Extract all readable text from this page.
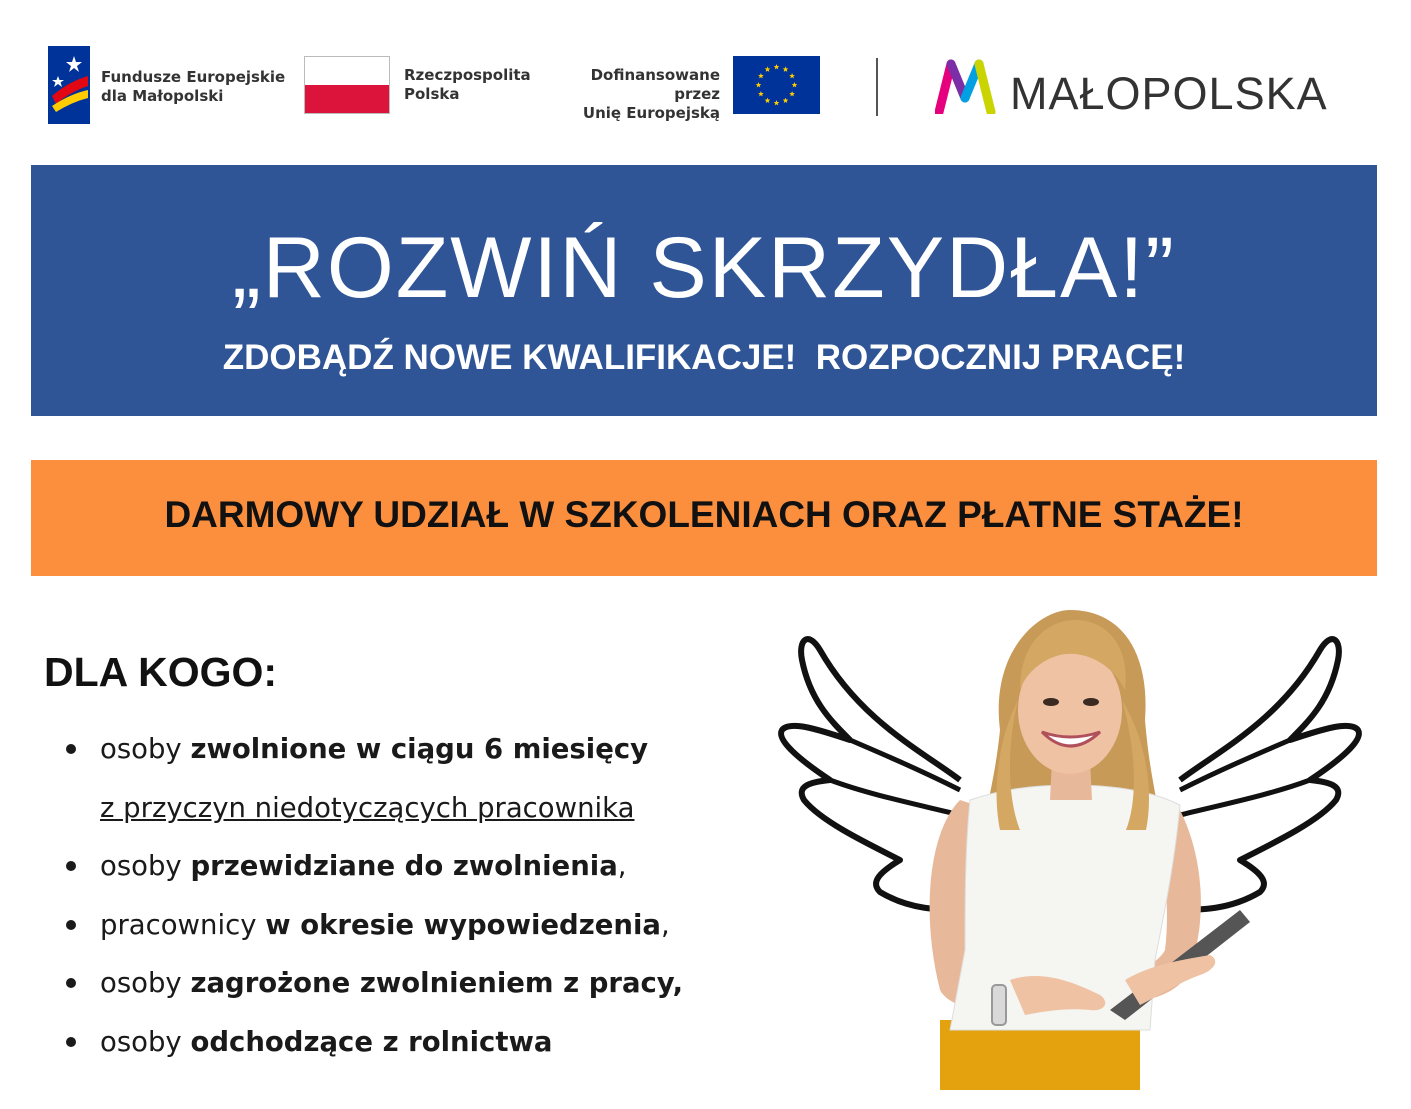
Fundusze Europejskie
dla Małopolski
Rzeczpospolita
Polska
Dofinansowane przez
Unię Europejską	MAŁOPOLSKA
„ROZWIŃ SKRZYDŁA!”
ZDOBĄDŹ NOWE KWALIFIKACJE!  ROZPOCZNIJ PRACĘ!
DARMOWY UDZIAŁ W SZKOLENIACH ORAZ PŁATNE STAŻE!
DLA KOGO:
osoby zwolnione w ciągu 6 miesięcy
z przyczyn niedotyczących pracownika
osoby przewidziane do zwolnienia,
pracownicy w okresie wypowiedzenia,
osoby zagrożone zwolnieniem z pracy,
osoby odchodzące z rolnictwa
